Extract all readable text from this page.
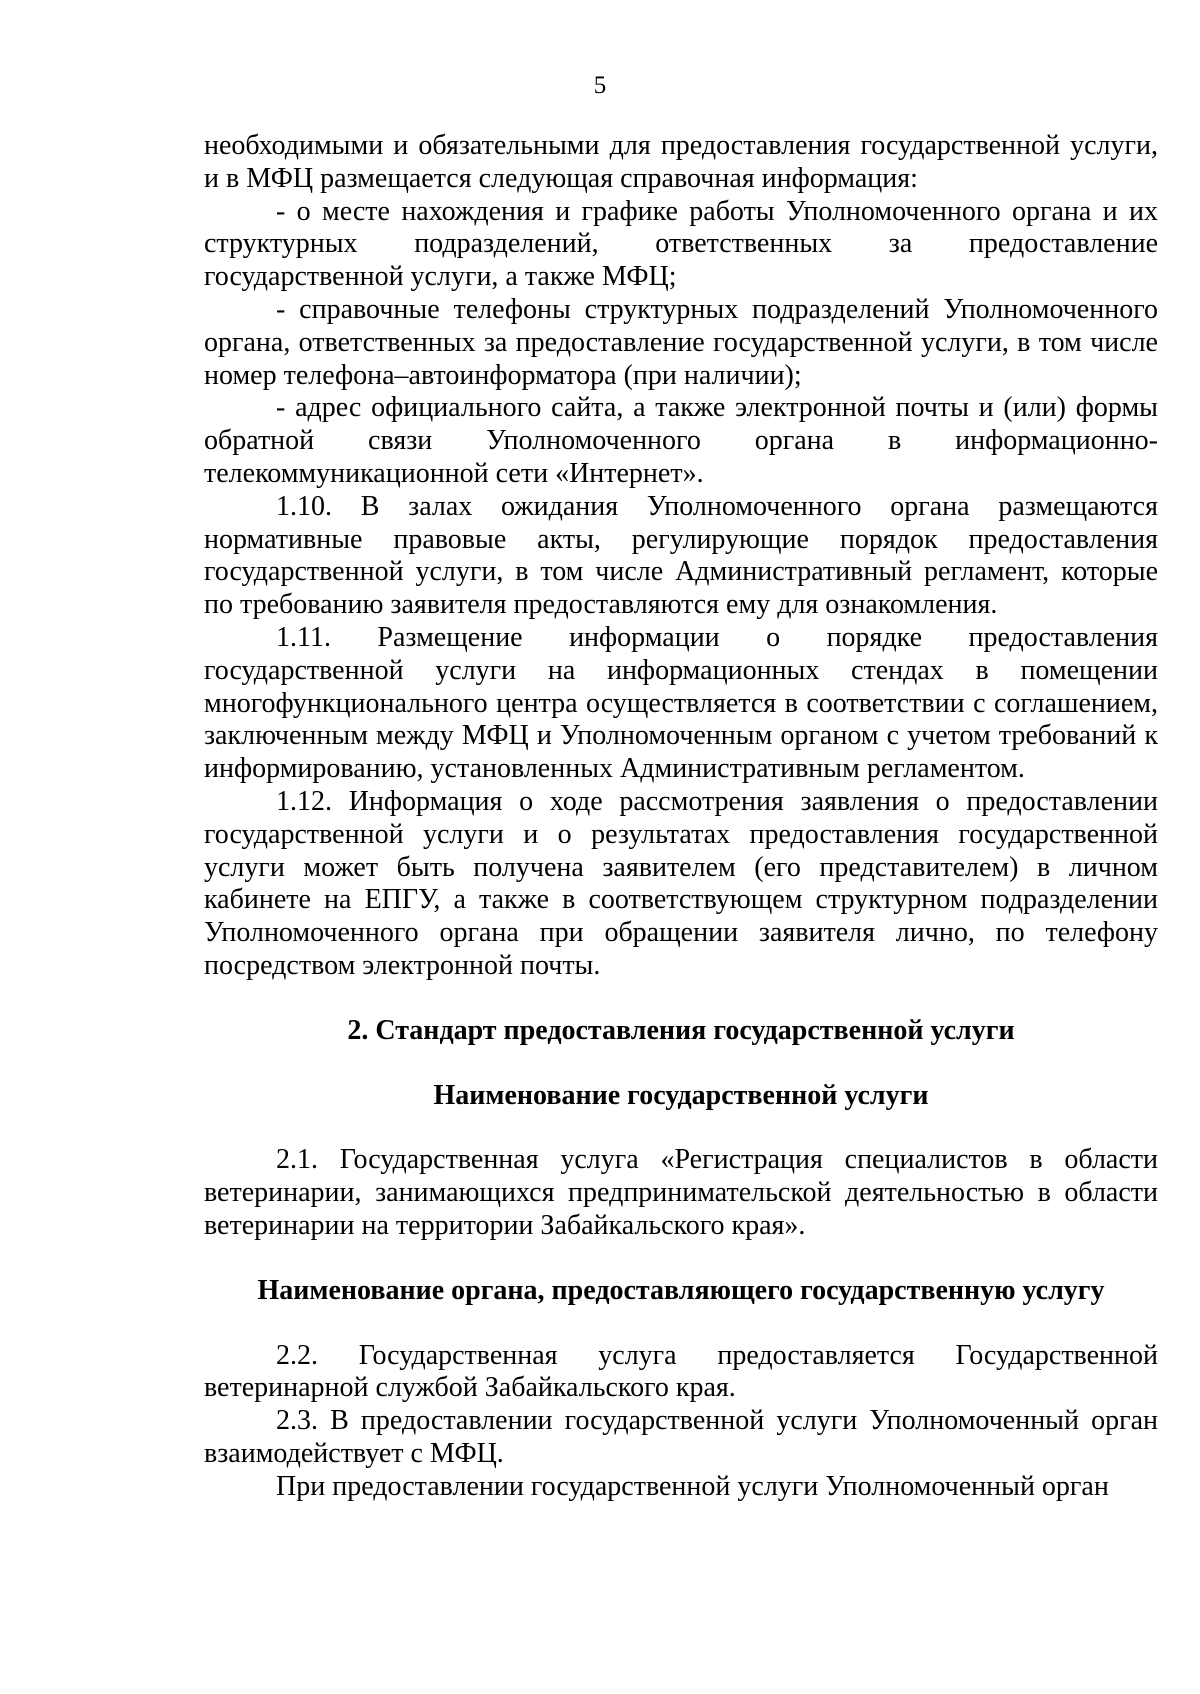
5

необходимыми и обязательными для предоставления государственной услуги, и в МФЦ размещается следующая справочная информация:

- о месте нахождения и графике работы Уполномоченного органа и их структурных подразделений, ответственных за предоставление государственной услуги, а также МФЦ;

- справочные телефоны структурных подразделений Уполномоченного органа, ответственных за предоставление государственной услуги, в том числе номер телефона–автоинформатора (при наличии);

- адрес официального сайта, а также электронной почты и (или) формы обратной связи Уполномоченного органа в информационно-телекоммуникационной сети «Интернет».

1.10. В залах ожидания Уполномоченного органа размещаются нормативные правовые акты, регулирующие порядок предоставления государственной услуги, в том числе Административный регламент, которые по требованию заявителя предоставляются ему для ознакомления.

1.11. Размещение информации о порядке предоставления государственной услуги на информационных стендах в помещении многофункционального центра осуществляется в соответствии с соглашением, заключенным между МФЦ и Уполномоченным органом с учетом требований к информированию, установленных Административным регламентом.

1.12. Информация о ходе рассмотрения заявления о предоставлении государственной услуги и о результатах предоставления государственной услуги может быть получена заявителем (его представителем) в личном кабинете на ЕПГУ, а также в соответствующем структурном подразделении Уполномоченного органа при обращении заявителя лично, по телефону посредством электронной почты.

2. Стандарт предоставления государственной услуги
Наименование государственной услуги

2.1. Государственная услуга «Регистрация специалистов в области ветеринарии, занимающихся предпринимательской деятельностью в области ветеринарии на территории Забайкальского края».

Наименование органа, предоставляющего государственную услугу

2.2. Государственная услуга предоставляется Государственной ветеринарной службой Забайкальского края.

2.3. В предоставлении государственной услуги Уполномоченный орган взаимодействует с МФЦ.

При предоставлении государственной услуги Уполномоченный орган
